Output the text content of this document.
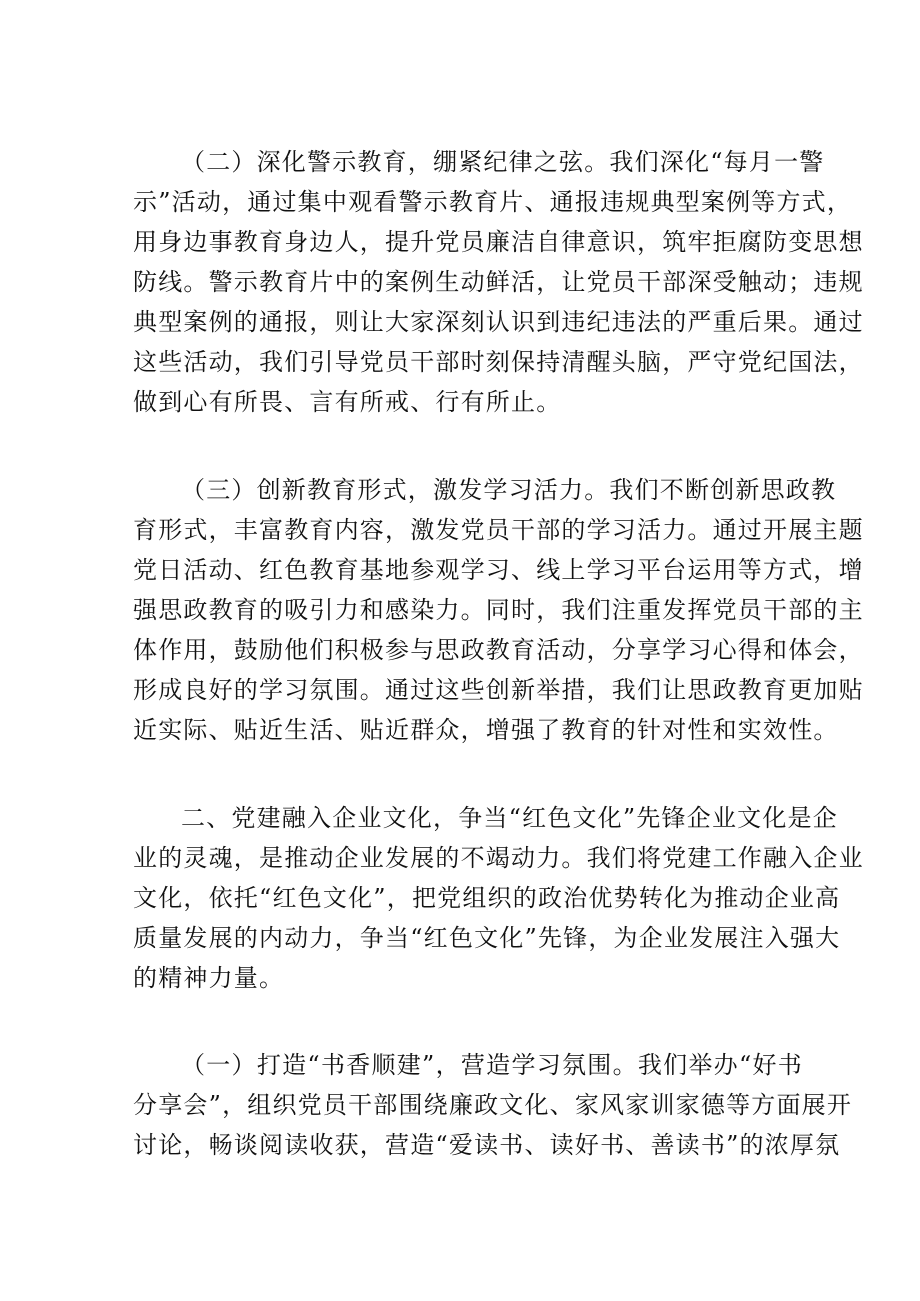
（二）深化警示教育，绷紧纪律之弦。我们深化“每月一警
示”活动，通过集中观看警示教育片、通报违规典型案例等方式，
用身边事教育身边人，提升党员廉洁自律意识，筑牢拒腐防变思想
防线。警示教育片中的案例生动鲜活，让党员干部深受触动；违规
典型案例的通报，则让大家深刻认识到违纪违法的严重后果。通过
这些活动，我们引导党员干部时刻保持清醒头脑，严守党纪国法，
做到心有所畏、言有所戒、行有所止。
（三）创新教育形式，激发学习活力。我们不断创新思政教
育形式，丰富教育内容，激发党员干部的学习活力。通过开展主题
党日活动、红色教育基地参观学习、线上学习平台运用等方式，增
强思政教育的吸引力和感染力。同时，我们注重发挥党员干部的主
体作用，鼓励他们积极参与思政教育活动，分享学习心得和体会，
形成良好的学习氛围。通过这些创新举措，我们让思政教育更加贴
近实际、贴近生活、贴近群众，增强了教育的针对性和实效性。
二、党建融入企业文化，争当“红色文化”先锋企业文化是企
业的灵魂，是推动企业发展的不竭动力。我们将党建工作融入企业
文化，依托“红色文化”，把党组织的政治优势转化为推动企业高
质量发展的内动力，争当“红色文化”先锋，为企业发展注入强大
的精神力量。
（一）打造“书香顺建”，营造学习氛围。我们举办“好书
分享会”，组织党员干部围绕廉政文化、家风家训家德等方面展开
讨论，畅谈阅读收获，营造“爱读书、读好书、善读书”的浓厚氛
